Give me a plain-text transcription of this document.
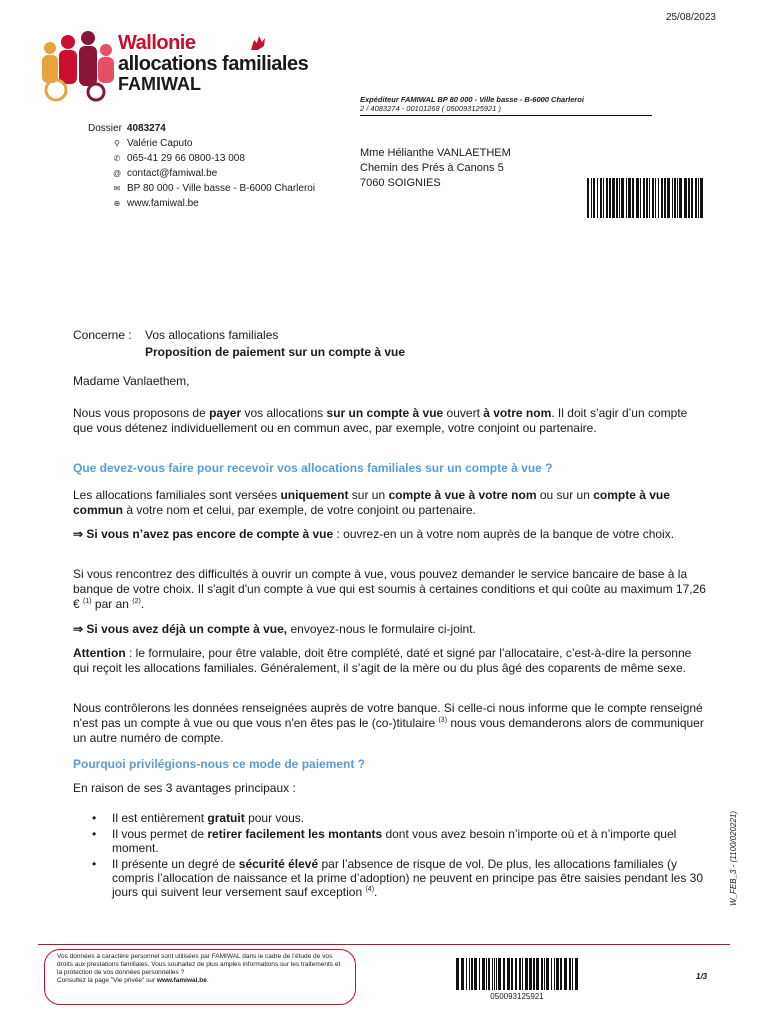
25/08/2023
Wallonie
allocations familiales
FAMIWAL
Expéditeur FAMIWAL BP 80 000 - Ville basse - B-6000 Charleroi
2 / 4083274 - 00101268 ( 050093125921 )
Dossier 4083274
⚲ Valérie Caputo
✆ 065-41 29 66 0800-13 008
@ contact@famiwal.be
✉ BP 80 000 - Ville basse - B-6000 Charleroi
⊕ www.famiwal.be
Mme Hélianthe VANLAETHEM
Chemin des Prés à Canons 5
7060 SOIGNIES
Concerne : Vos allocations familiales
Proposition de paiement sur un compte à vue
Madame Vanlaethem,
Nous vous proposons de payer vos allocations sur un compte à vue ouvert à votre nom. Il doit s’agir d’un compte que vous détenez individuellement ou en commun avec, par exemple, votre conjoint ou partenaire.
Que devez-vous faire pour recevoir vos allocations familiales sur un compte à vue ?
Les allocations familiales sont versées uniquement sur un compte à vue à votre nom ou sur un compte à vue commun à votre nom et celui, par exemple, de votre conjoint ou partenaire.
⇒ Si vous n’avez pas encore de compte à vue : ouvrez-en un à votre nom auprès de la banque de votre choix.
Si vous rencontrez des difficultés à ouvrir un compte à vue, vous pouvez demander le service bancaire de base à la banque de votre choix. Il s'agit d'un compte à vue qui est soumis à certaines conditions et qui coûte au maximum 17,26 € $^{(1)}$ par an $^{(2)}$.
⇒ Si vous avez déjà un compte à vue, envoyez-nous le formulaire ci-joint.
Attention : le formulaire, pour être valable, doit être complété, daté et signé par l’allocataire, c’est-à-dire la personne qui reçoit les allocations familiales. Généralement, il s’agit de la mère ou du plus âgé des coparents de même sexe.
Nous contrôlerons les données renseignées auprès de votre banque. Si celle-ci nous informe que le compte renseigné n'est pas un compte à vue ou que vous n'en êtes pas le (co-)titulaire $^{(3)}$ nous vous demanderons alors de communiquer un autre numéro de compte.
Pourquoi privilégions-nous ce mode de paiement ?
En raison de ses 3 avantages principaux :
•	Il est entièrement gratuit pour vous.
•	Il vous permet de retirer facilement les montants dont vous avez besoin n’importe où et à n’importe quel moment.
•	Il présente un degré de sécurité élevé par l’absence de risque de vol. De plus, les allocations familiales (y compris l’allocation de naissance et la prime d’adoption) ne peuvent en principe pas être saisies pendant les 30 jours qui suivent leur versement sauf exception $^{(4)}$.	W_FEB_3 - (1100/020221)
Vos données à caractère personnel sont utilisées par FAMIWAL dans le cadre de l’étude de vos droits aux prestations familiales. Vous souhaitez de plus amples informations sur les traitements et la protection de vos données personnelles ?
Consultez la page "Vie privée" sur www.famiwal.be.
050093125921
1/3
